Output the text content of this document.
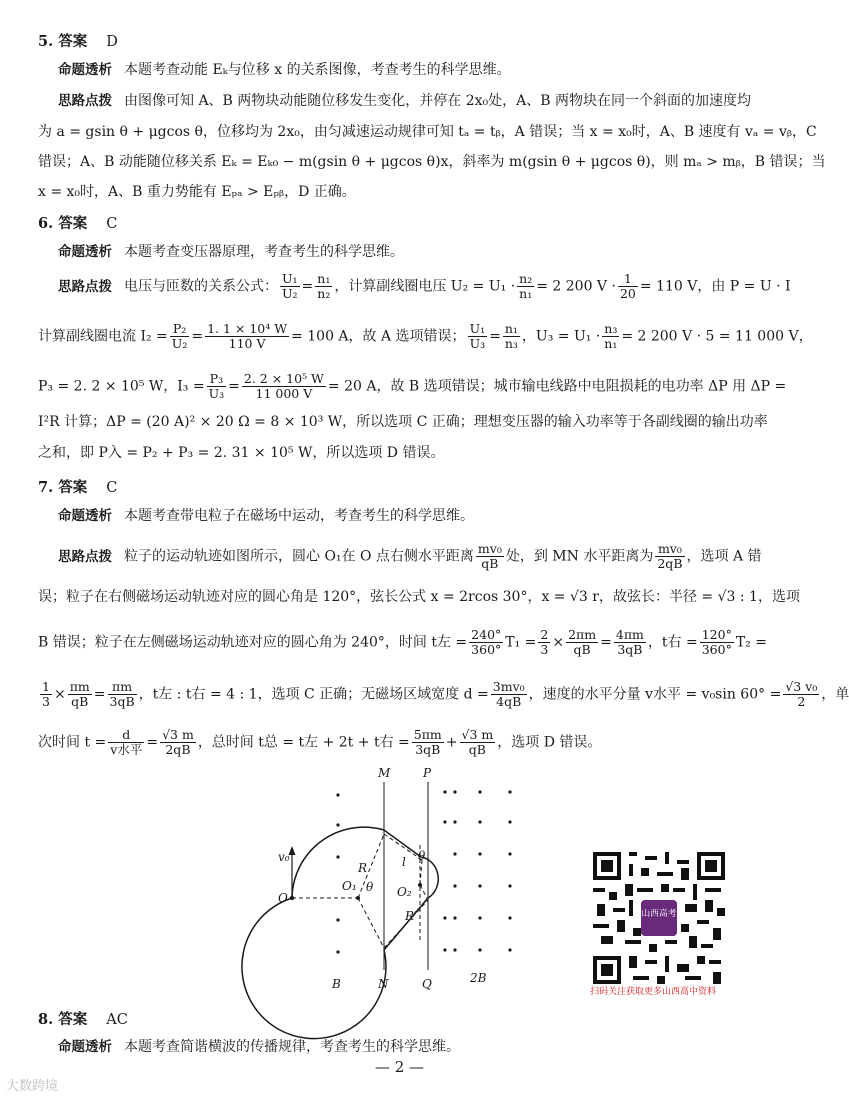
5. 答案 D
命题透析 本题考查动能 Eₖ与位移 x 的关系图像，考查考生的科学思维。
思路点拨 由图像可知 A、B 两物块动能随位移发生变化，并停在 2x₀处，A、B 两物块在同一个斜面的加速度均
为 a = gsin θ + μgcos θ，位移均为 2x₀，由匀减速运动规律可知 tₐ = tᵦ，A 错误；当 x = x₀时，A、B 速度有 vₐ = vᵦ，C
错误；A、B 动能随位移关系 Eₖ = Eₖ₀ − m(gsin θ + μgcos θ)x，斜率为 m(gsin θ + μgcos θ)，则 mₐ > mᵦ，B 错误；当
x = x₀时，A、B 重力势能有 Eₚₐ > Eₚᵦ，D 正确。
6. 答案 C
命题透析 本题考查变压器原理，考查考生的科学思维。
思路点拨 电压与匝数的关系公式： $\frac{\text{U₁}}{\text{U₂}} = \frac{\text{n₁}}{\text{n₂}}$ ，计算副线圈电压 $U_2 = U_1 \cdot \frac{\text{n₂}}{\text{n₁}} = 2$ 200 $V \cdot \frac{1}{20} = 110$ V，由 P = U · I
计算副线圈电流 $I_2 = \frac{\text{P₂}}{\text{U₂}} = \frac{\text{1. 1 × 10⁴ W}}{110 V} = 100$ A，故 A 选项错误； $\frac{\text{U₁}}{\text{U₃}} = \frac{\text{n₁}}{\text{n₃}}$ ，$U_3 = U_1 \cdot \frac{\text{n₃}}{\text{n₁}} = 2$ 200 V · 5 = 11 000 V，
P₃ = 2. 2 × 10⁵ W，$I_3 = \frac{\text{P₃}}{\text{U₃}} = \frac{\text{2. 2 × 10⁵ W}}{11 000 V} = 20$ A，故 B 选项错误；城市输电线路中电阻损耗的电功率 ΔP 用 ΔP =
I²R 计算；ΔP = (20 A)² × 20 Ω = 8 × 10³ W，所以选项 C 正确；理想变压器的输入功率等于各副线圈的输出功率
之和，即 P入 = P₂ + P₃ = 2. 31 × 10⁵ W，所以选项 D 错误。
7. 答案 C
命题透析 本题考查带电粒子在磁场中运动，考查考生的科学思维。
思路点拨 粒子的运动轨迹如图所示，圆心 O₁在 O 点右侧水平距离 $\frac{\text{mv₀}}{qB}$ 处，到 MN 水平距离为 $\frac{\text{mv₀}}{2qB}$ ，选项 A 错
误；粒子在右侧磁场运动轨迹对应的圆心角是 120°，弦长公式 x = 2rcos 30°，x = √3 r，故弦长：半径 = √3 : 1，选项
B 错误；粒子在左侧磁场运动轨迹对应的圆心角为 240°，时间 t左 = $\frac{240^\circ}{360^\circ} T_1 = \frac{2}{3} \times \frac{2\pi m}{qB} = \frac{4\pi m}{3qB}$ ，t右 = $\frac{120^\circ}{360^\circ} T_2$ =
$\frac{1}{3} \times \frac{\pi m}{qB} = \frac{\pi m}{3qB}$ ，t左 : t右 = 4 : 1，选项 C 正确；无磁场区域宽度 $d = \frac{\text{3mv₀}}{4qB}$ ，速度的水平分量 v水平 = v₀sin $60^\circ = \frac{\text{√3 v₀}}{2}$ ，单
次时间 $t = \frac{d}{\text{v水平}} = \frac{√3 m}{2qB}$ ，总时间 t总 = t左 + 2t + t右 = $\frac{5\pi m}{3qB} + \frac{√3 m}{qB}$ ，选项 D 错误。
M	P
N	Q
B	2B
O
O₁	O₂
R
R′
l
θ
θ
v₀
山西高考
扫码关注获取更多山西高中资料
8. 答案 AC
命题透析 本题考查简谐横波的传播规律，考查考生的科学思维。
— 2 —
大数跨境
